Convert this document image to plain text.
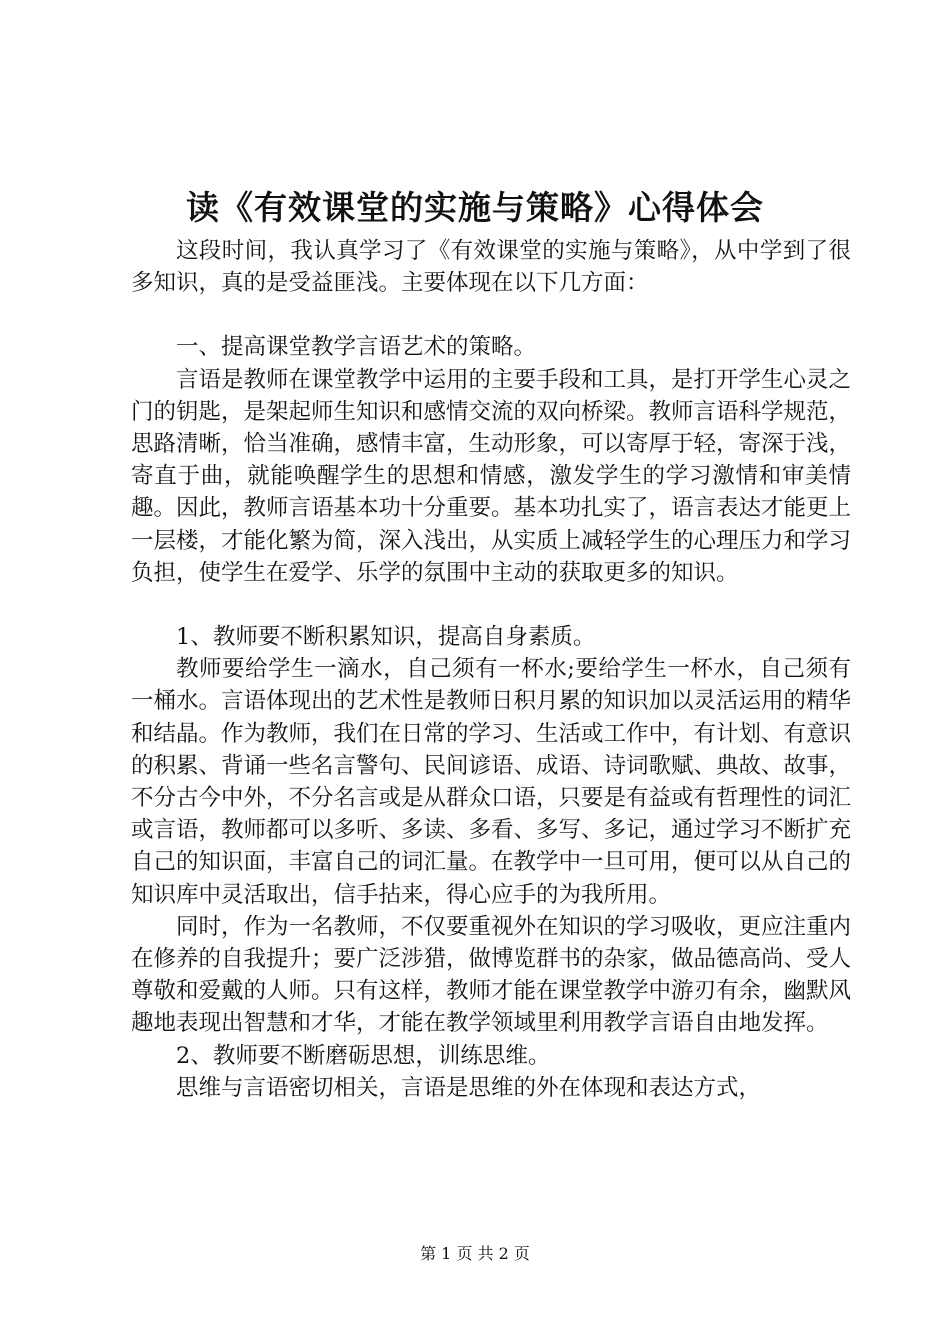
读《有效课堂的实施与策略》心得体会

这段时间，我认真学习了《有效课堂的实施与策略》，从中学到了很多知识，真的是受益匪浅。主要体现在以下几方面：

一、提高课堂教学言语艺术的策略。

言语是教师在课堂教学中运用的主要手段和工具，是打开学生心灵之门的钥匙，是架起师生知识和感情交流的双向桥梁。教师言语科学规范，思路清晰，恰当准确，感情丰富，生动形象，可以寄厚于轻，寄深于浅，寄直于曲，就能唤醒学生的思想和情感，激发学生的学习激情和审美情趣。因此，教师言语基本功十分重要。基本功扎实了，语言表达才能更上一层楼，才能化繁为简，深入浅出，从实质上减轻学生的心理压力和学习负担，使学生在爱学、乐学的氛围中主动的获取更多的知识。

1、教师要不断积累知识，提高自身素质。

教师要给学生一滴水，自己须有一杯水;要给学生一杯水，自己须有一桶水。言语体现出的艺术性是教师日积月累的知识加以灵活运用的精华和结晶。作为教师，我们在日常的学习、生活或工作中，有计划、有意识的积累、背诵一些名言警句、民间谚语、成语、诗词歌赋、典故、故事，不分古今中外，不分名言或是从群众口语，只要是有益或有哲理性的词汇或言语，教师都可以多听、多读、多看、多写、多记，通过学习不断扩充自己的知识面，丰富自己的词汇量。在教学中一旦可用，便可以从自己的知识库中灵活取出，信手拈来，得心应手的为我所用。

同时，作为一名教师，不仅要重视外在知识的学习吸收，更应注重内在修养的自我提升；要广泛涉猎，做博览群书的杂家，做品德高尚、受人尊敬和爱戴的人师。只有这样，教师才能在课堂教学中游刃有余，幽默风趣地表现出智慧和才华，才能在教学领域里利用教学言语自由地发挥。

2、教师要不断磨砺思想，训练思维。

思维与言语密切相关，言语是思维的外在体现和表达方式，

第 1 页 共 2 页
